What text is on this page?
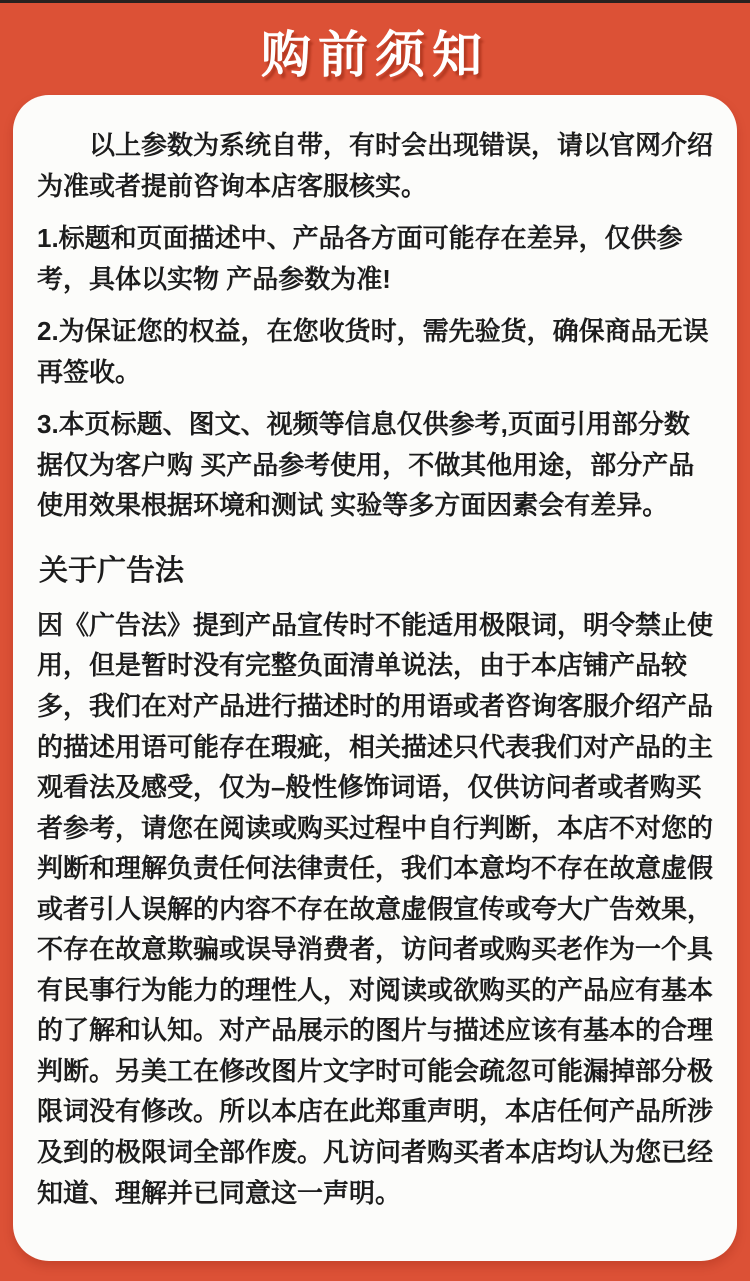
购前须知

以上参数为系统自带，有时会出现错误，请以官网介绍为准或者提前咨询本店客服核实。

1.标题和页面描述中、产品各方面可能存在差异，仅供参考，具体以实物 产品参数为准!

2.为保证您的权益，在您收货时，需先验货，确保商品无误再签收。

3.本页标题、图文、视频等信息仅供参考,页面引用部分数据仅为客户购 买产品参考使用，不做其他用途，部分产品使用效果根据环境和测试 实验等多方面因素会有差异。

关于广告法

因《广告法》提到产品宣传时不能适用极限词，明令禁止使用，但是暂时没有完整负面清单说法，由于本店铺产品较多，我们在对产品进行描述时的用语或者咨询客服介绍产品的描述用语可能存在瑕疵，相关描述只代表我们对产品的主观看法及感受，仅为–般性修饰词语，仅供访问者或者购买者参考，请您在阅读或购买过程中自行判断，本店不对您的判断和理解负责任何法律责任，我们本意均不存在故意虚假或者引人误解的内容不存在故意虚假宣传或夸大广告效果，不存在故意欺骗或误导消费者，访问者或购买老作为一个具有民事行为能力的理性人，对阅读或欲购买的产品应有基本的了解和认知。对产品展示的图片与描述应该有基本的合理判断。另美工在修改图片文字时可能会疏忽可能漏掉部分极限词没有修改。所以本店在此郑重声明，本店任何产品所涉及到的极限词全部作废。凡访问者购买者本店均认为您已经知道、理解并已同意这一声明。
